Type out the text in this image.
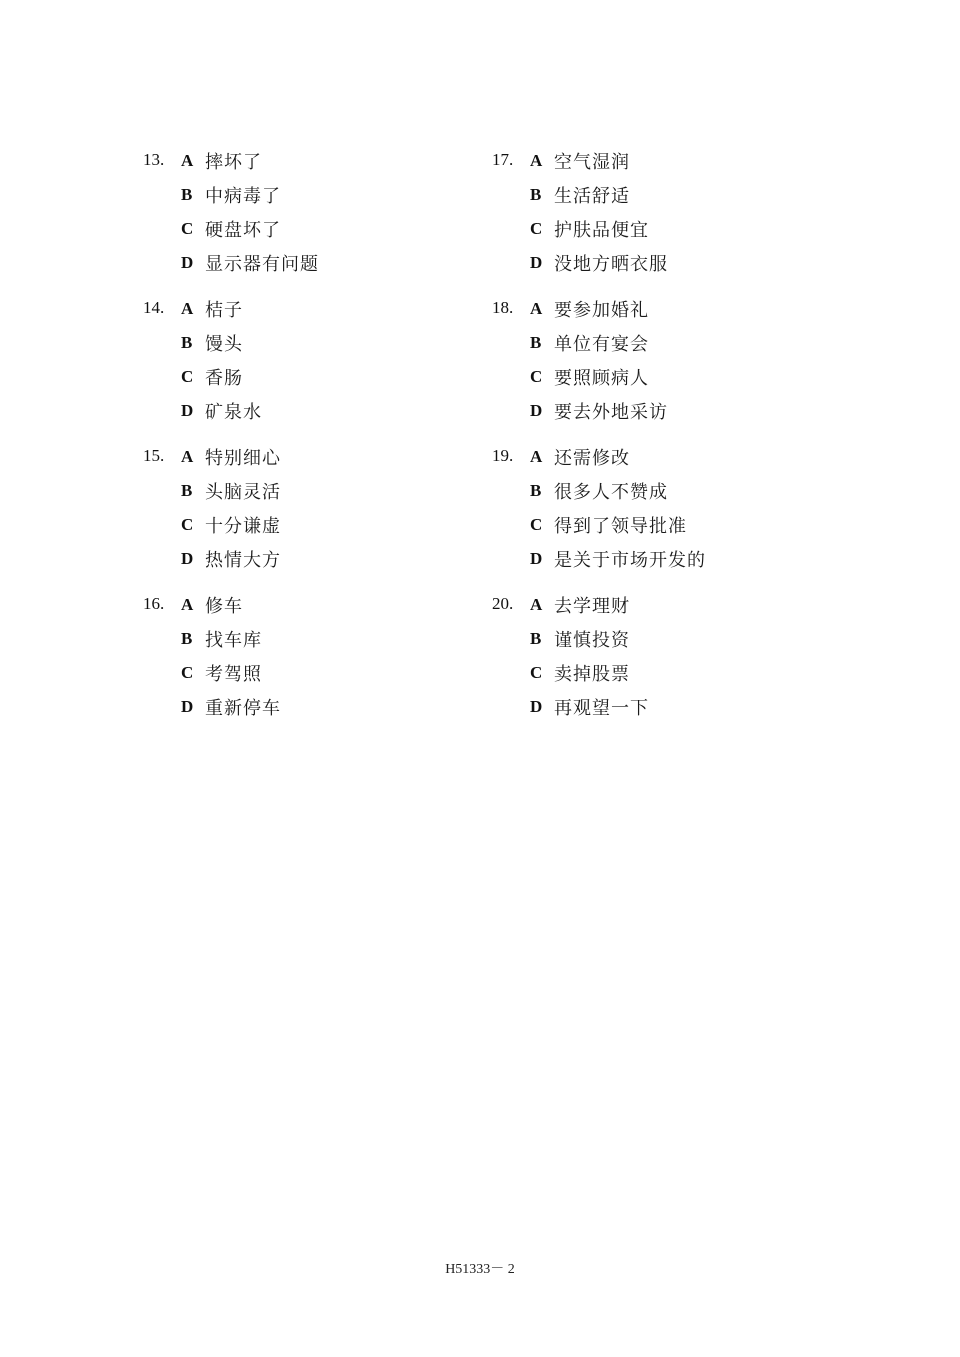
13. A 摔坏了
B 中病毒了
C 硬盘坏了
D 显示器有问题
14. A 桔子
B 馒头
C 香肠
D 矿泉水
15. A 特别细心
B 头脑灵活
C 十分谦虚
D 热情大方
16. A 修车
B 找车库
C 考驾照
D 重新停车
17. A 空气湿润
B 生活舒适
C 护肤品便宜
D 没地方晒衣服
18. A 要参加婚礼
B 单位有宴会
C 要照顾病人
D 要去外地采访
19. A 还需修改
B 很多人不赞成
C 得到了领导批准
D 是关于市场开发的
20. A 去学理财
B 谨慎投资
C 卖掉股票
D 再观望一下
H51333－ 2
